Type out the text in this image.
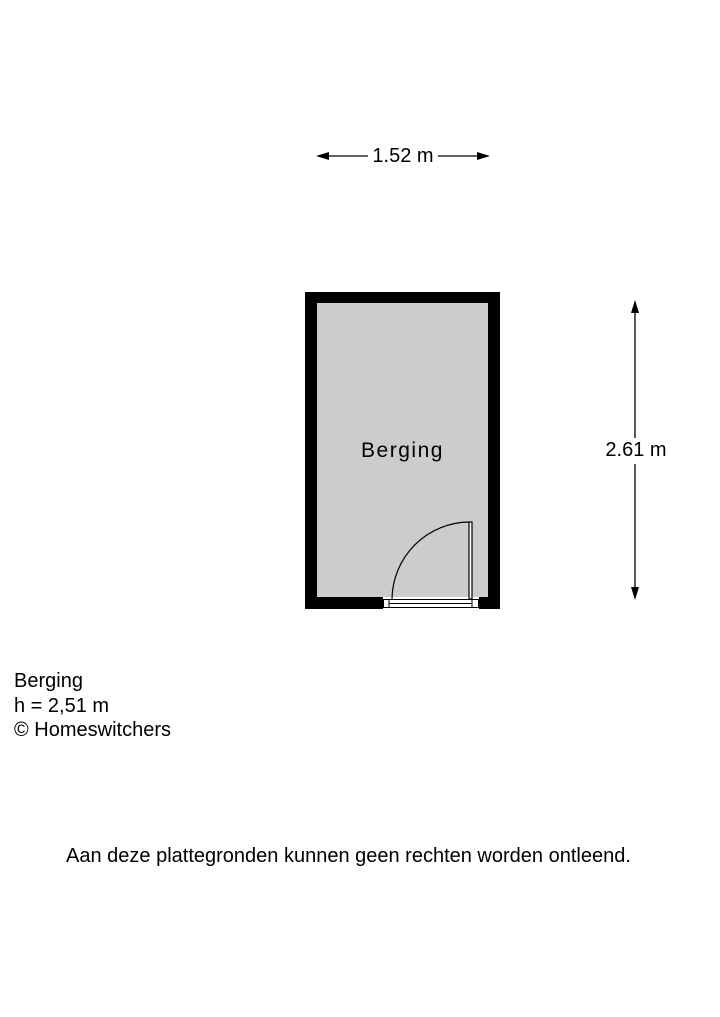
1.52 m
2.61 m
Berging
Berging
h = 2,51 m
© Homeswitchers
Aan deze plattegronden kunnen geen rechten worden ontleend.
